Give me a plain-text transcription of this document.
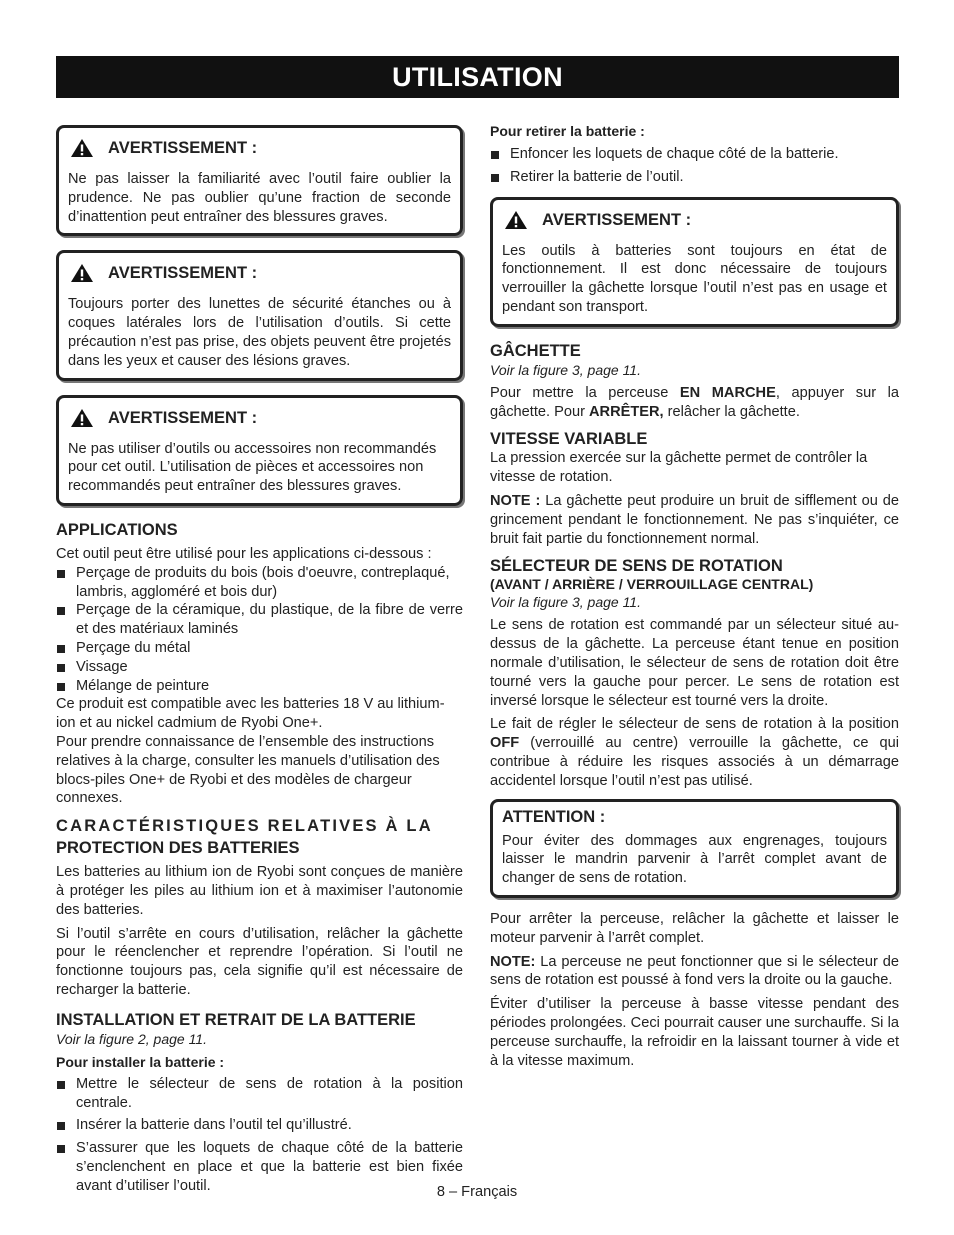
UTILISATION
AVERTISSEMENT :

Ne pas laisser la familiarité avec l’outil faire oublier la prudence. Ne pas oublier qu’une fraction de seconde d’inattention peut entraîner des blessures graves.

AVERTISSEMENT :

Toujours porter des lunettes de sécurité étanches ou à coques latérales lors de l’utilisation d’outils. Si cette précaution n’est pas prise, des objets peuvent être projetés dans les yeux et causer des lésions graves.

AVERTISSEMENT :

Ne pas utiliser d’outils ou accessoires non recommandés pour cet outil. L’utilisation de pièces et accessoires non recommandés peut entraîner des blessures graves.

APPLICATIONS

Cet outil peut être utilisé pour les applications ci-dessous :

Perçage de produits du bois (bois d'oeuvre, contreplaqué, lambris, aggloméré et bois dur)
Perçage de la céramique, du plastique, de la fibre de verre et des matériaux laminés
Perçage du métal
Vissage
Mélange de peinture

Ce produit est compatible avec les batteries 18 V au lithium-ion et au nickel cadmium de Ryobi One+.

Pour prendre connaissance de l’ensemble des instructions relatives à la charge, consulter les manuels d’utilisation des blocs-piles One+ de Ryobi et des modèles de chargeur connexes.

CARACTÉRISTIQUES RELATIVES À LA
PROTECTION DES BATTERIES

Les batteries au lithium ion de Ryobi sont conçues de manière à protéger les piles au lithium ion et à maximiser l’autonomie des batteries.

Si l’outil s’arrête en cours d’utilisation, relâcher la gâchette pour le réenclencher et reprendre l’opération. Si l’outil ne fonctionne toujours pas, cela signifie qu’il est nécessaire de recharger la batterie.

INSTALLATION ET RETRAIT DE LA BATTERIE
Voir la figure 2, page 11.
Pour installer la batterie :
Mettre le sélecteur de sens de rotation à la position centrale.
Insérer la batterie dans l’outil tel qu’illustré.
S’assurer que les loquets de chaque côté de la batterie s’enclenchent en place et que la batterie est bien fixée avant d’utiliser l’outil.
Pour retirer la batterie :
Enfoncer les loquets de chaque côté de la batterie.
Retirer la batterie de l’outil.
AVERTISSEMENT :

Les outils à batteries sont toujours en état de fonctionnement. Il est donc nécessaire de toujours verrouiller la gâchette lorsque l’outil n’est pas en usage et pendant son transport.

GÂCHETTE
Voir la figure 3, page 11.

Pour mettre la perceuse EN MARCHE, appuyer sur la gâchette. Pour ARRÊTER, relâcher la gâchette.

VITESSE VARIABLE

La pression exercée sur la gâchette permet de contrôler la vitesse de rotation.

NOTE : La gâchette peut produire un bruit de sifflement ou de grincement pendant le fonctionnement. Ne pas s’inquiéter, ce bruit fait partie du fonctionnement normal.

SÉLECTEUR DE SENS DE ROTATION
(AVANT / ARRIÈRE / VERROUILLAGE CENTRAL)
Voir la figure 3, page 11.

Le sens de rotation est commandé par un sélecteur situé au-dessus de la gâchette. La perceuse étant tenue en position normale d’utilisation, le sélecteur de sens de rotation doit être tourné vers la gauche pour percer. Le sens de rotation est inversé lorsque le sélecteur est tourné vers la droite.

Le fait de régler le sélecteur de sens de rotation à la position OFF (verrouillé au centre) verrouille la gâchette, ce qui contribue à réduire les risques associés à un démarrage accidentel lorsque l’outil n’est pas utilisé.

ATTENTION :

Pour éviter des dommages aux engrenages, toujours laisser le mandrin parvenir à l’arrêt complet avant de changer de sens de rotation.

Pour arrêter la perceuse, relâcher la gâchette et laisser le moteur parvenir à l’arrêt complet.

NOTE: La perceuse ne peut fonctionner que si le sélecteur de sens de rotation est poussé à fond vers la droite ou la gauche.

Éviter d’utiliser la perceuse à basse vitesse pendant des périodes prolongées. Ceci pourrait causer une surchauffe. Si la perceuse surchauffe, la refroidir en la laissant tourner à vide et à la vitesse maximum.

8 – Français
